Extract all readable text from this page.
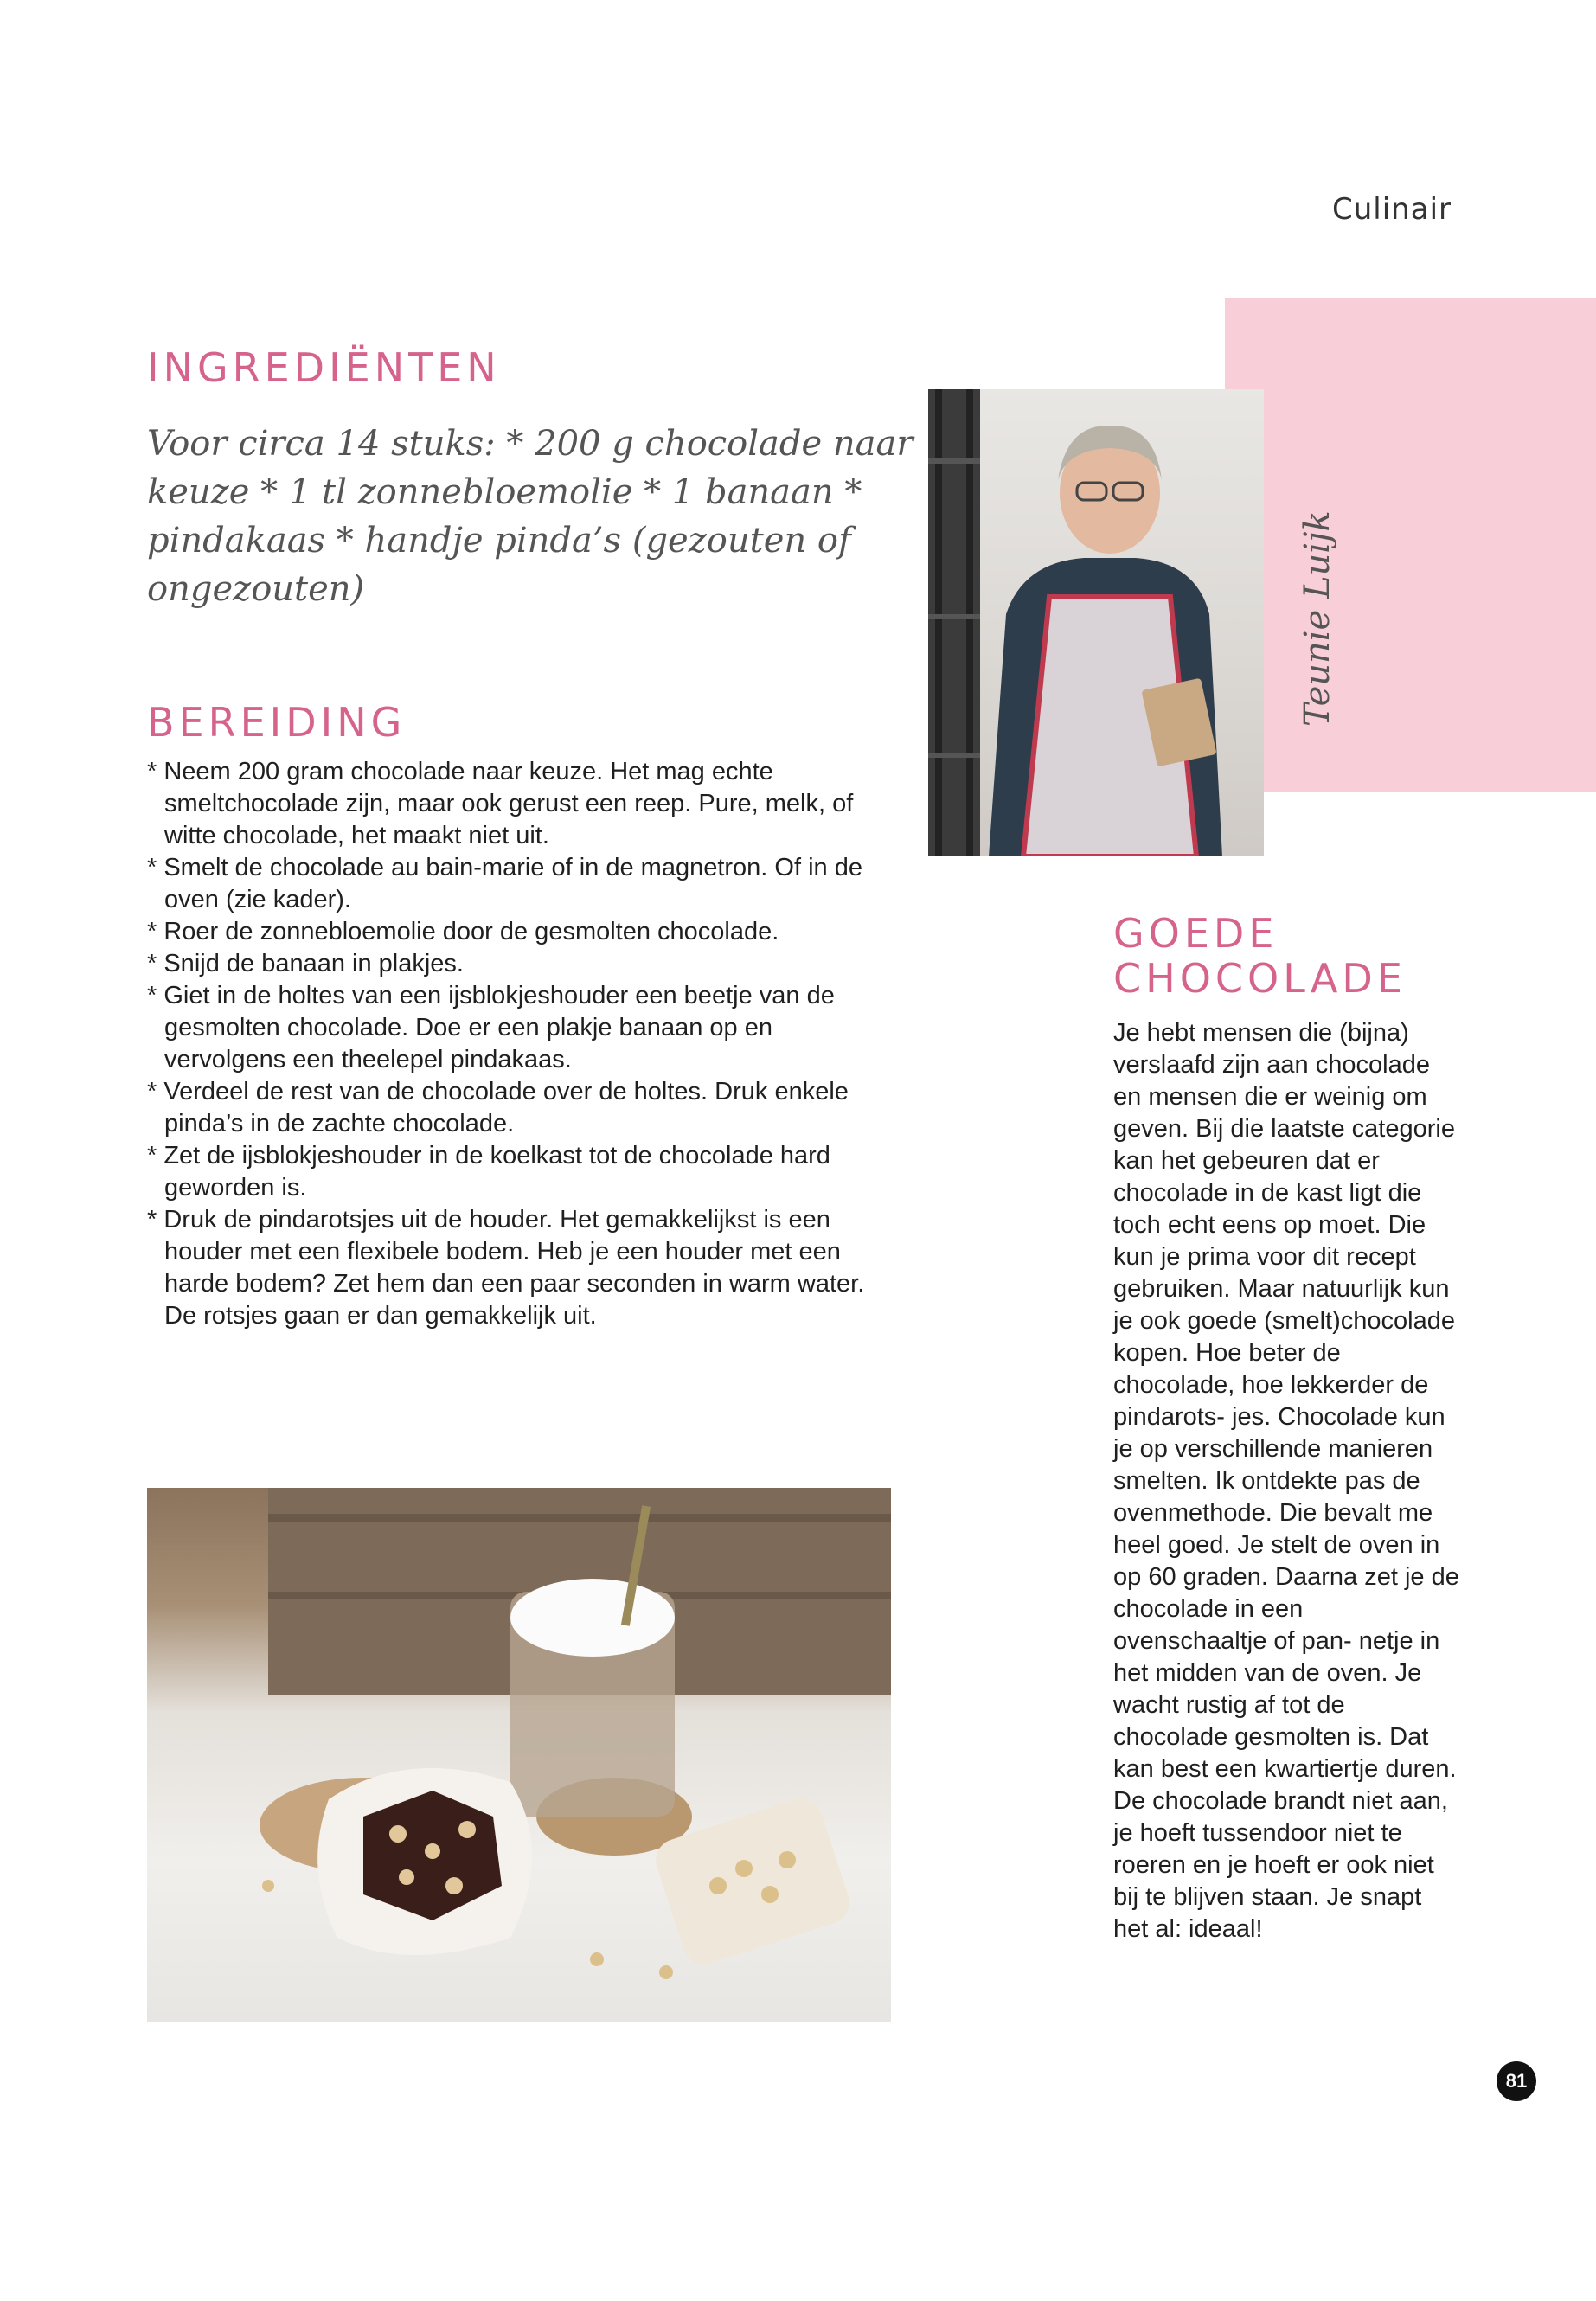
Culinair
Teunie Luijk
INGREDIËNTEN

Voor circa 14 stuks: * 200 g chocolade naar keuze * 1 tl zonnebloemolie * 1 banaan * pindakaas * handje pinda’s (gezouten of ongezouten)

BEREIDING
* Neem 200 gram chocolade naar keuze. Het mag echte smeltchocolade zijn, maar ook gerust een reep. Pure, melk, of witte chocolade, het maakt niet uit.
* Smelt de chocolade au bain-marie of in de magnetron. Of in de oven (zie kader).
* Roer de zonnebloemolie door de gesmolten chocolade.
* Snijd de banaan in plakjes.
* Giet in de holtes van een ijsblokjeshouder een beetje van de gesmolten chocolade. Doe er een plakje banaan op en vervolgens een theelepel pindakaas.
* Verdeel de rest van de chocolade over de holtes. Druk enkele pinda’s in de zachte chocolade.
* Zet de ijsblokjeshouder in de koelkast tot de chocolade hard geworden is.
* Druk de pindarotsjes uit de houder. Het gemakkelijkst is een houder met een flexibele bodem. Heb je een houder met een harde bodem? Zet hem dan een paar seconden in warm water. De rotsjes gaan er dan gemakkelijk uit.
GOEDE
CHOCOLADE

Je hebt mensen die (bijna) verslaafd zijn aan chocolade en mensen die er weinig om geven. Bij die laatste categorie kan het gebeuren dat er chocolade in de kast ligt die toch echt eens op moet. Die kun je prima voor dit recept gebruiken. Maar natuurlijk kun je ook goede (smelt)chocolade kopen. Hoe beter de chocolade, hoe lekkerder de pindarots- jes. Chocolade kun je op verschillende manieren smelten. Ik ontdekte pas de ovenmethode. Die bevalt me heel goed. Je stelt de oven in op 60 graden. Daarna zet je de chocolade in een ovenschaaltje of pan- netje in het midden van de oven. Je wacht rustig af tot de chocolade gesmolten is. Dat kan best een kwartiertje duren. De chocolade brandt niet aan, je hoeft tussendoor niet te roeren en je hoeft er ook niet bij te blijven staan. Je snapt het al: ideaal!

81
